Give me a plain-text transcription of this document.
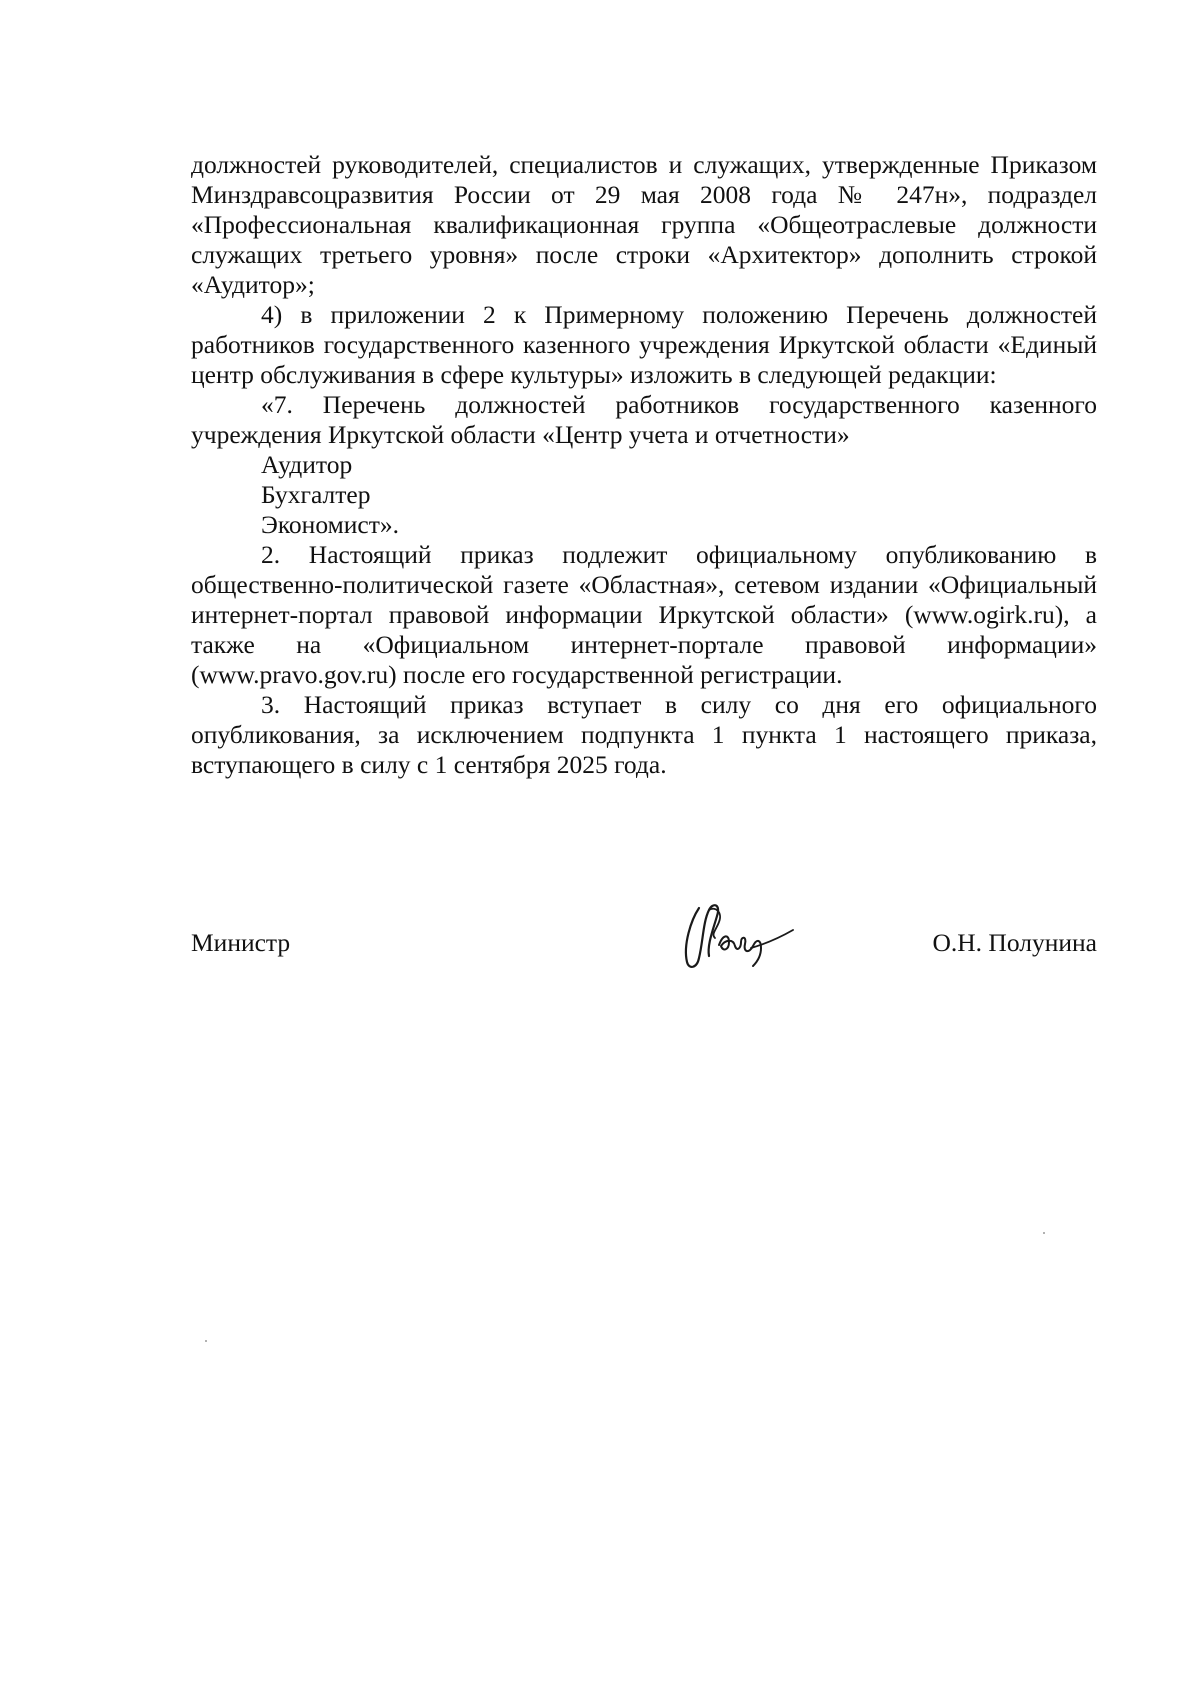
должностей руководителей, специалистов и служащих, утвержденные Приказом Минздравсоцразвития России от 29 мая 2008 года № 247н», подраздел «Профессиональная квалификационная группа «Общеотраслевые должности служащих третьего уровня» после строки «Архитектор» дополнить строкой «Аудитор»;

4) в приложении 2 к Примерному положению Перечень должностей работников государственного казенного учреждения Иркутской области «Единый центр обслуживания в сфере культуры» изложить в следующей редакции:

«7. Перечень должностей работников государственного казенного учреждения Иркутской области «Центр учета и отчетности»

Аудитор

Бухгалтер

Экономист».

2. Настоящий приказ подлежит официальному опубликованию в общественно-политической газете «Областная», сетевом издании «Официальный интернет-портал правовой информации Иркутской области» (www.ogirk.ru), а также на «Официальном интернет-портале правовой информации» (www.pravo.gov.ru) после его государственной регистрации.

3. Настоящий приказ вступает в силу со дня его официального опубликования, за исключением подпункта 1 пункта 1 настоящего приказа, вступающего в силу с 1 сентября 2025 года.

Министр	О.Н. Полунина
